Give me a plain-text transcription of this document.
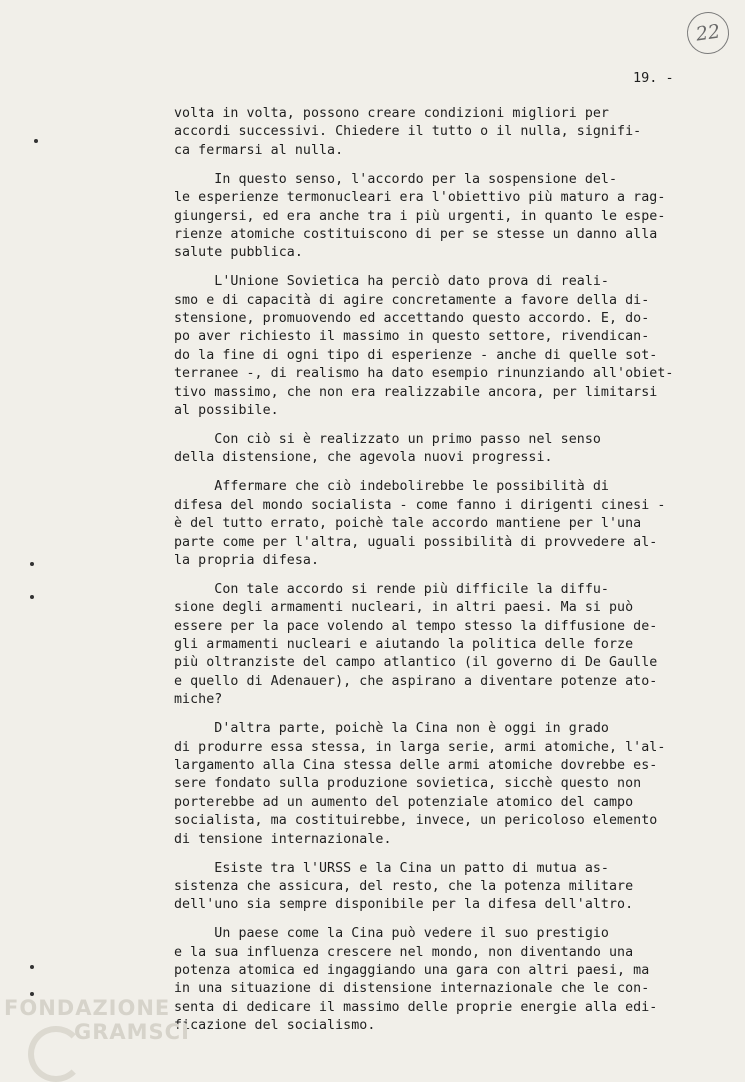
22
19. -
volta in volta, possono creare condizioni migliori per
accordi successivi. Chiedere il tutto o il nulla, signifi-
ca fermarsi al nulla.
In questo senso, l'accordo per la sospensione del-
le esperienze termonucleari era l'obiettivo più maturo a rag-
giungersi, ed era anche tra i più urgenti, in quanto le espe-
rienze atomiche costituiscono di per se stesse un danno alla
salute pubblica.
L'Unione Sovietica ha perciò dato prova di reali-
smo e di capacità di agire concretamente a favore della di-
stensione, promuovendo ed accettando questo accordo. E, do-
po aver richiesto il massimo in questo settore, rivendican-
do la fine di ogni tipo di esperienze - anche di quelle sot-
terranee -, di realismo ha dato esempio rinunziando all'obiet-
tivo massimo, che non era realizzabile ancora, per limitarsi
al possibile.
Con ciò si è realizzato un primo passo nel senso
della distensione, che agevola nuovi progressi.
Affermare che ciò indebolirebbe le possibilità di
difesa del mondo socialista - come fanno i dirigenti cinesi -
è del tutto errato, poichè tale accordo mantiene per l'una
parte come per l'altra, uguali possibilità di provvedere al-
la propria difesa.
Con tale accordo si rende più difficile la diffu-
sione degli armamenti nucleari, in altri paesi. Ma si può
essere per la pace volendo al tempo stesso la diffusione de-
gli armamenti nucleari e aiutando la politica delle forze
più oltranziste del campo atlantico (il governo di De Gaulle
e quello di Adenauer), che aspirano a diventare potenze ato-
miche?
D'altra parte, poichè la Cina non è oggi in grado
di produrre essa stessa, in larga serie, armi atomiche, l'al-
largamento alla Cina stessa delle armi atomiche dovrebbe es-
sere fondato sulla produzione sovietica, sicchè questo non
porterebbe ad un aumento del potenziale atomico del campo
socialista, ma costituirebbe, invece, un pericoloso elemento
di tensione internazionale.
Esiste tra l'URSS e la Cina un patto di mutua as-
sistenza che assicura, del resto, che la potenza militare
dell'uno sia sempre disponibile per la difesa dell'altro.
Un paese come la Cina può vedere il suo prestigio
e la sua influenza crescere nel mondo, non diventando una
potenza atomica ed ingaggiando una gara con altri paesi, ma
in una situazione di distensione internazionale che le con-
senta di dedicare il massimo delle proprie energie alla edi-
ficazione del socialismo.
FONDAZIONE
GRAMSCI
